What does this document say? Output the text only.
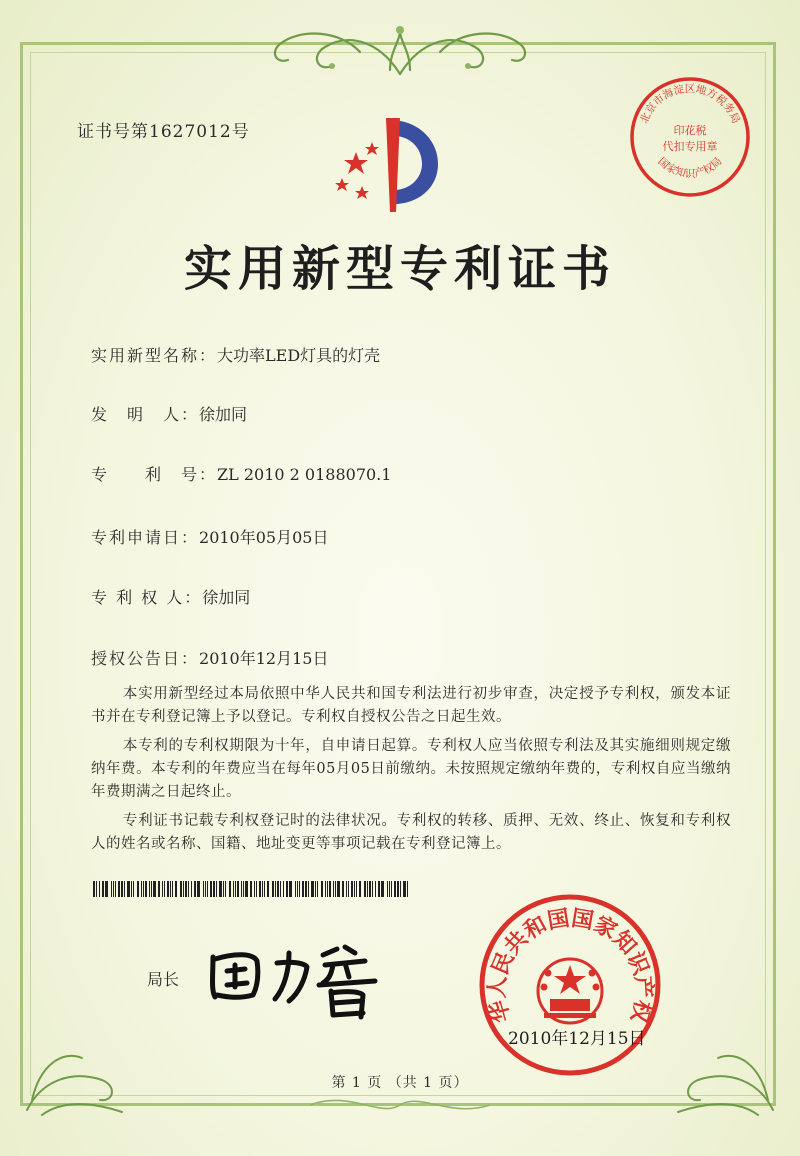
证书号第1627012号
北京市海淀区地方税务局
国家知识产权局
印花税
代扣专用章
实用新型专利证书
实用新型名称：大功率LED灯具的灯壳
发　明　人：徐加同
专　　利　号：ZL 2010 2 0188070.1
专利申请日：2010年05月05日
专 利 权 人：徐加同
授权公告日：2010年12月15日
本实用新型经过本局依照中华人民共和国专利法进行初步审查，决定授予专利权，颁发本证书并在专利登记簿上予以登记。专利权自授权公告之日起生效。
本专利的专利权期限为十年，自申请日起算。专利权人应当依照专利法及其实施细则规定缴纳年费。本专利的年费应当在每年05月05日前缴纳。未按照规定缴纳年费的，专利权自应当缴纳年费期满之日起终止。
专利证书记载专利权登记时的法律状况。专利权的转移、质押、无效、终止、恢复和专利权人的姓名或名称、国籍、地址变更等事项记载在专利登记簿上。
局长
华人民共和国国家知识产权
2010年12月15日
第 1 页 （共 1 页）
